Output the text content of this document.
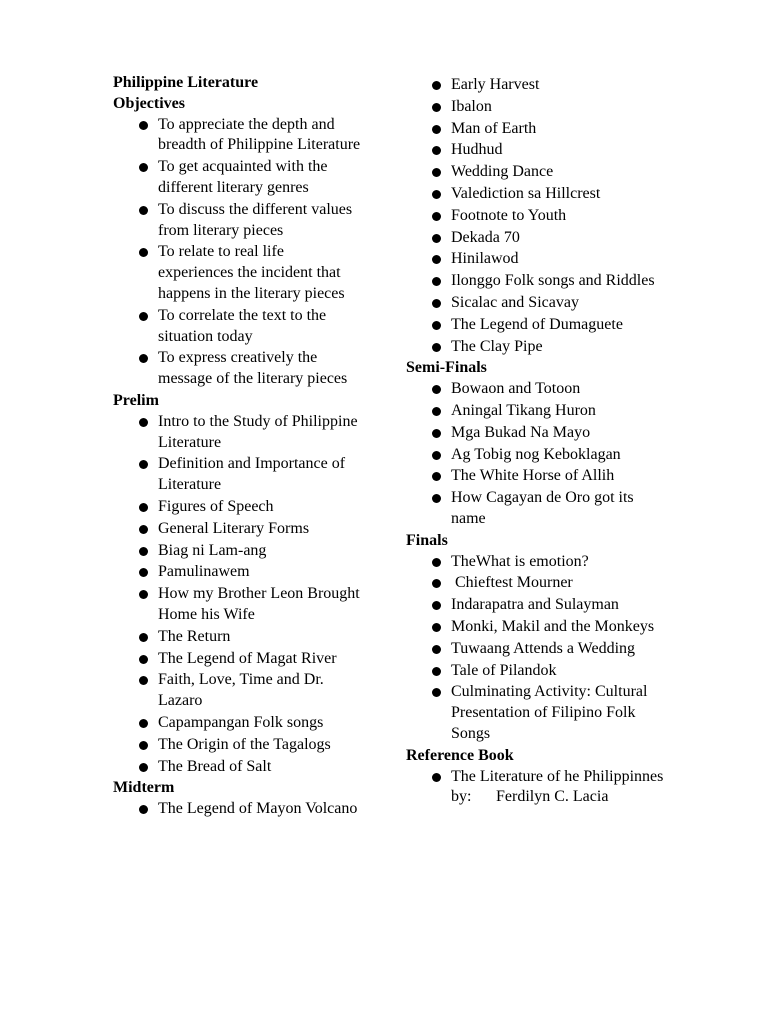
Philippine Literature
Objectives
To appreciate the depth and breadth of Philippine Literature
To get acquainted with the different literary genres
To discuss the different values from literary pieces
To relate to real life experiences the incident that happens in the literary pieces
To correlate the text to the situation today
To express creatively the message of the literary pieces
Prelim
Intro to the Study of Philippine Literature
Definition and Importance of Literature
Figures of Speech
General Literary Forms
Biag ni Lam-ang
Pamulinawem
How my Brother Leon Brought Home his Wife
The Return
The Legend of Magat River
Faith, Love, Time and Dr. Lazaro
Capampangan Folk songs
The Origin of the Tagalogs
The Bread of Salt
Midterm
The Legend of Mayon Volcano
Early Harvest
Ibalon
Man of Earth
Hudhud
Wedding Dance
Valediction sa Hillcrest
Footnote to Youth
Dekada 70
Hinilawod
Ilonggo Folk songs and Riddles
Sicalac and Sicavay
The Legend of Dumaguete
The Clay Pipe
Semi-Finals
Bowaon and Totoon
Aningal Tikang Huron
Mga Bukad Na Mayo
Ag Tobig nog Keboklagan
The White Horse of Allih
How Cagayan de Oro got its name
Finals
TheWhat is emotion?
Chieftest Mourner
Indarapatra and Sulayman
Monki, Makil and the Monkeys
Tuwaang Attends a Wedding
Tale of Pilandok
Culminating Activity: Cultural Presentation of Filipino Folk Songs
Reference Book
The Literature of he Philippinnes
by: Ferdilyn C. Lacia
